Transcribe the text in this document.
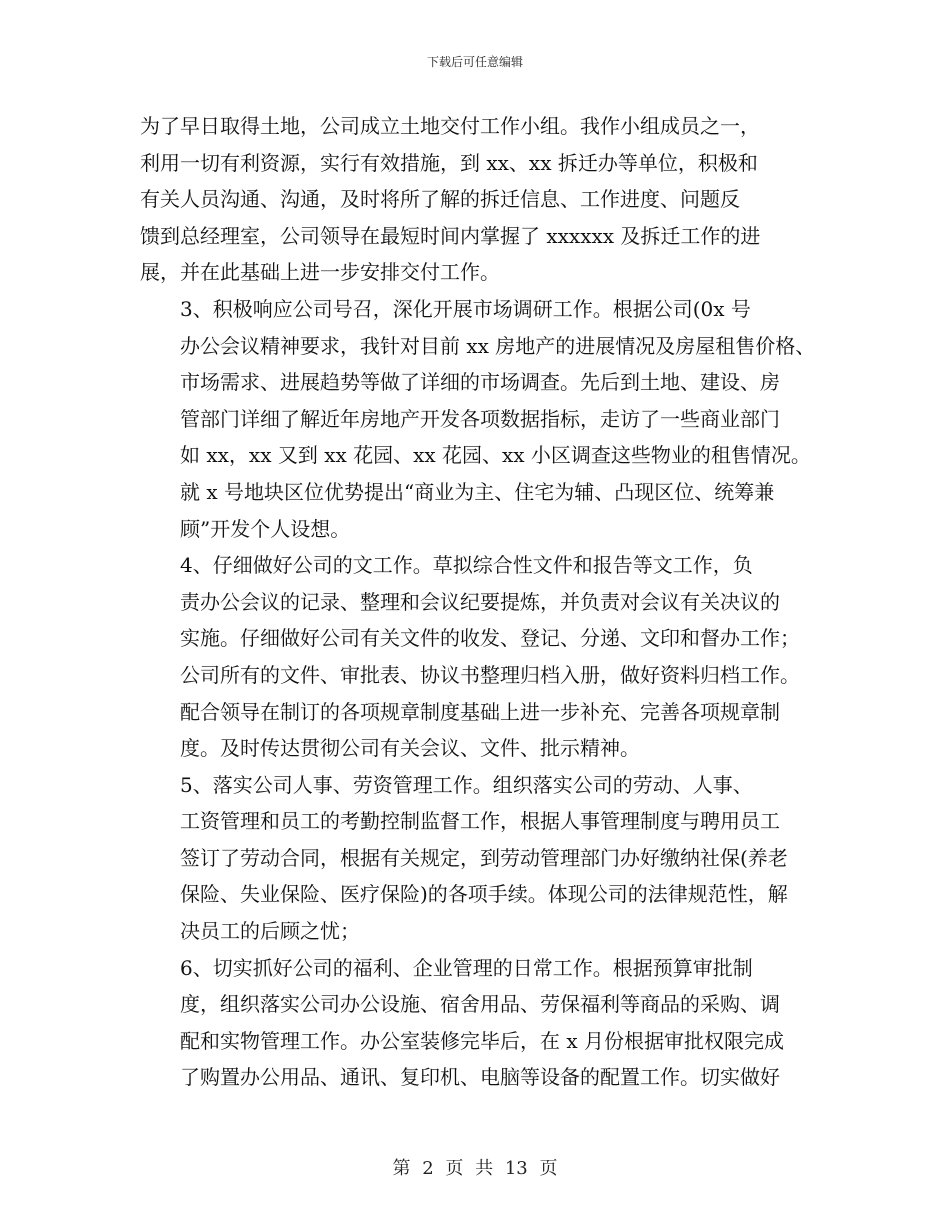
下载后可任意编辑

为了早日取得土地，公司成立土地交付工作小组。我作小组成员之一，
利用一切有利资源，实行有效措施，到 xx、xx 拆迁办等单位，积极和
有关人员沟通、沟通，及时将所了解的拆迁信息、工作进度、问题反
馈到总经理室，公司领导在最短时间内掌握了 xxxxxx 及拆迁工作的进
展，并在此基础上进一步安排交付工作。

3、积极响应公司号召，深化开展市场调研工作。根据公司(0x 号
办公会议精神要求，我针对目前 xx 房地产的进展情况及房屋租售价格、
市场需求、进展趋势等做了详细的市场调查。先后到土地、建设、房
管部门详细了解近年房地产开发各项数据指标，走访了一些商业部门
如 xx，xx 又到 xx 花园、xx 花园、xx 小区调查这些物业的租售情况。
就 x 号地块区位优势提出“商业为主、住宅为辅、凸现区位、统筹兼
顾”开发个人设想。

4、仔细做好公司的文工作。草拟综合性文件和报告等文工作，负
责办公会议的记录、整理和会议纪要提炼，并负责对会议有关决议的
实施。仔细做好公司有关文件的收发、登记、分递、文印和督办工作；
公司所有的文件、审批表、协议书整理归档入册，做好资料归档工作。
配合领导在制订的各项规章制度基础上进一步补充、完善各项规章制
度。及时传达贯彻公司有关会议、文件、批示精神。

5、落实公司人事、劳资管理工作。组织落实公司的劳动、人事、
工资管理和员工的考勤控制监督工作，根据人事管理制度与聘用员工
签订了劳动合同，根据有关规定，到劳动管理部门办好缴纳社保(养老
保险、失业保险、医疗保险)的各项手续。体现公司的法律规范性，解
决员工的后顾之忧；

6、切实抓好公司的福利、企业管理的日常工作。根据预算审批制
度，组织落实公司办公设施、宿舍用品、劳保福利等商品的采购、调
配和实物管理工作。办公室装修完毕后，在 x 月份根据审批权限完成
了购置办公用品、通讯、复印机、电脑等设备的配置工作。切实做好

第 2 页 共 13 页
